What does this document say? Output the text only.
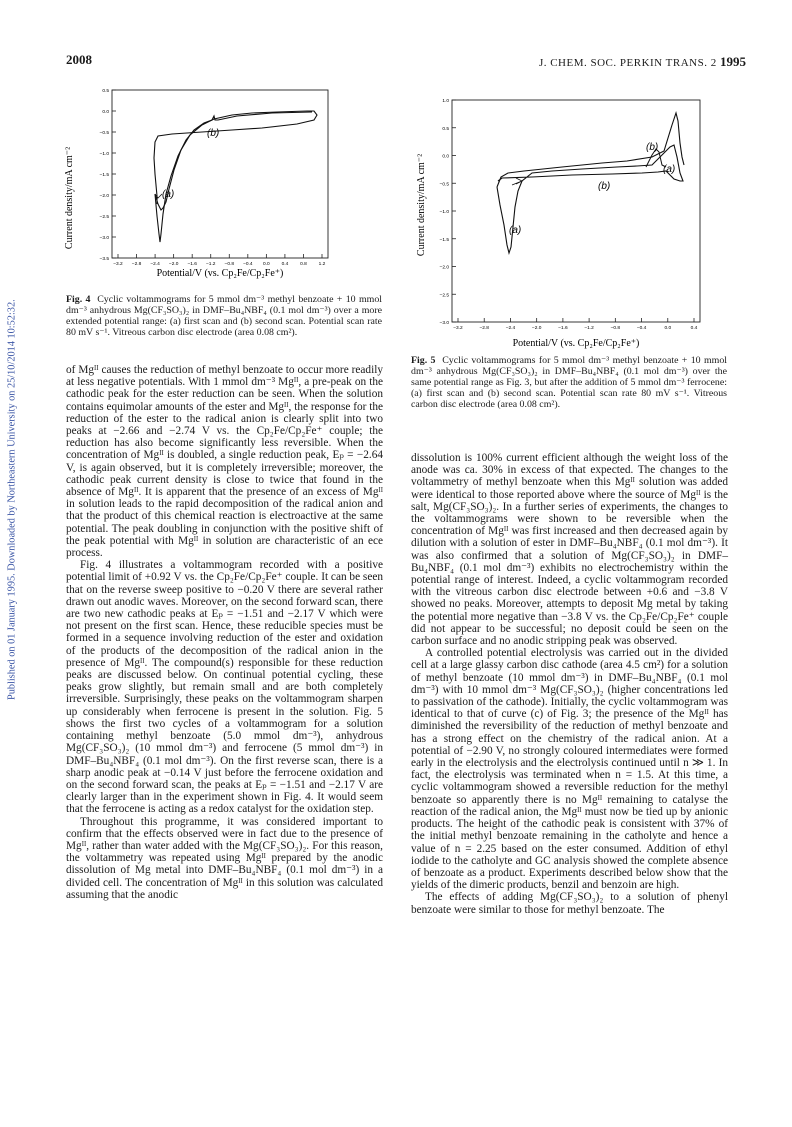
Published on 01 January 1995. Downloaded by Northeastern University on 25/10/2014 10:52:32.
2008	J. CHEM. SOC. PERKIN TRANS. 2 1995
0.5
0.0
−0.5
−1.0
−1.5
−2.0
−2.5
−3.0
−3.5
−3.2 −2.8 −2.4 −2.0 −1.6 −1.2 −0.8 −0.4 0.0 0.4 0.8 1.2
Current density/mA cm⁻²
(b)
(a)
Potential/V (vs. Cp₂Fe/Cp₂Fe⁺)
Fig. 4 Cyclic voltammograms for 5 mmol dm⁻³ methyl benzoate + 10 mmol dm⁻³ anhydrous Mg(CF₃SO₃)₂ in DMF–Bu₄NBF₄ (0.1 mol dm⁻³) over a more extended potential range: (a) first scan and (b) second scan. Potential scan rate 80 mV s⁻¹. Vitreous carbon disc electrode (area 0.08 cm²).
1.0
0.5
0.0
−0.5
−1.0
−1.5
−2.0
−2.5
−3.0
−3.2	−2.8	−2.4	−2.0	−1.6	−1.2	−0.8	−0.4	0.0	0.4
Current density/mA cm⁻²
(b)
(a)
(b)
(a)
Potential/V (vs. Cp₂Fe/Cp₂Fe⁺)
Fig. 5 Cyclic voltammograms for 5 mmol dm⁻³ methyl benzoate + 10 mmol dm⁻³ anhydrous Mg(CF₃SO₃)₂ in DMF–Bu₄NBF₄ (0.1 mol dm⁻³) over the same potential range as Fig. 3, but after the addition of 5 mmol dm⁻³ ferrocene: (a) first scan and (b) second scan. Potential scan rate 80 mV s⁻¹. Vitreous carbon disc electrode (area 0.08 cm²).

of Mgᴵᴵ causes the reduction of methyl benzoate to occur more readily at less negative potentials. With 1 mmol dm⁻³ Mgᴵᴵ, a pre-peak on the cathodic peak for the ester reduction can be seen. When the solution contains equimolar amounts of the ester and Mgᴵᴵ, the response for the reduction of the ester to the radical anion is clearly split into two peaks at −2.66 and −2.74 V vs. the Cp₂Fe/Cp₂Fe⁺ couple; the reduction has also become significantly less reversible. When the concentration of Mgᴵᴵ is doubled, a single reduction peak, Eₚ = −2.64 V, is again observed, but it is completely irreversible; moreover, the cathodic peak current density is close to twice that found in the absence of Mgᴵᴵ. It is apparent that the presence of an excess of Mgᴵᴵ in solution leads to the rapid decomposition of the radical anion and that the product of this chemical reaction is electroactive at the same potential. The peak doubling in conjunction with the positive shift of the peak potential with Mgᴵᴵ in solution are characteristic of an ece process.

Fig. 4 illustrates a voltammogram recorded with a positive potential limit of +0.92 V vs. the Cp₂Fe/Cp₂Fe⁺ couple. It can be seen that on the reverse sweep positive to −0.20 V there are several rather drawn out anodic waves. Moreover, on the second forward scan, there are two new cathodic peaks at Eₚ = −1.51 and −2.17 V which were not present on the first scan. Hence, these reducible species must be formed in a sequence involving reduction of the ester and oxidation of the products of the decomposition of the radical anion in the presence of Mgᴵᴵ. The compound(s) responsible for these reduction peaks are discussed below. On continual potential cycling, these peaks grow slightly, but remain small and are both completely irreversible. Surprisingly, these peaks on the voltammogram sharpen up considerably when ferrocene is present in the solution. Fig. 5 shows the first two cycles of a voltammogram for a solution containing methyl benzoate (5.0 mmol dm⁻³), anhydrous Mg(CF₃SO₃)₂ (10 mmol dm⁻³) and ferrocene (5 mmol dm⁻³) in DMF–Bu₄NBF₄ (0.1 mol dm⁻³). On the first reverse scan, there is a sharp anodic peak at −0.14 V just before the ferrocene oxidation and on the second forward scan, the peaks at Eₚ = −1.51 and −2.17 V are clearly larger than in the experiment shown in Fig. 4. It would seem that the ferrocene is acting as a redox catalyst for the oxidation step.

Throughout this programme, it was considered important to confirm that the effects observed were in fact due to the presence of Mgᴵᴵ, rather than water added with the Mg(CF₃SO₃)₂. For this reason, the voltammetry was repeated using Mgᴵᴵ prepared by the anodic dissolution of Mg metal into DMF–Bu₄NBF₄ (0.1 mol dm⁻³) in a divided cell. The concentration of Mgᴵᴵ in this solution was calculated assuming that the anodic

dissolution is 100% current efficient although the weight loss of the anode was ca. 30% in excess of that expected. The changes to the voltammetry of methyl benzoate when this Mgᴵᴵ solution was added were identical to those reported above where the source of Mgᴵᴵ is the salt, Mg(CF₃SO₃)₂. In a further series of experiments, the changes to the voltammograms were shown to be reversible when the concentration of Mgᴵᴵ was first increased and then decreased again by dilution with a solution of ester in DMF–Bu₄NBF₄ (0.1 mol dm⁻³). It was also confirmed that a solution of Mg(CF₃SO₃)₂ in DMF–Bu₄NBF₄ (0.1 mol dm⁻³) exhibits no electrochemistry within the potential range of interest. Indeed, a cyclic voltammogram recorded with the vitreous carbon disc electrode between +0.6 and −3.8 V showed no peaks. Moreover, attempts to deposit Mg metal by taking the potential more negative than −3.8 V vs. the Cp₂Fe/Cp₂Fe⁺ couple did not appear to be successful; no deposit could be seen on the carbon surface and no anodic stripping peak was observed.

A controlled potential electrolysis was carried out in the divided cell at a large glassy carbon disc cathode (area 4.5 cm²) for a solution of methyl benzoate (10 mmol dm⁻³) in DMF–Bu₄NBF₄ (0.1 mol dm⁻³) with 10 mmol dm⁻³ Mg(CF₃SO₃)₂ (higher concentrations led to passivation of the cathode). Initially, the cyclic voltammogram was identical to that of curve (c) of Fig. 3; the presence of the Mgᴵᴵ has diminished the reversibility of the reduction of methyl benzoate and has a strong effect on the chemistry of the radical anion. At a potential of −2.90 V, no strongly coloured intermediates were formed early in the electrolysis and the electrolysis continued until n ≫ 1. In fact, the electrolysis was terminated when n = 1.5. At this time, a cyclic voltammogram showed a reversible reduction for the methyl benzoate so apparently there is no Mgᴵᴵ remaining to catalyse the reaction of the radical anion, the Mgᴵᴵ must now be tied up by anionic products. The height of the cathodic peak is consistent with 37% of the initial methyl benzoate remaining in the catholyte and hence a value of n = 2.25 based on the ester consumed. Addition of ethyl iodide to the catholyte and GC analysis showed the complete absence of benzoate as a product. Experiments described below show that the yields of the dimeric products, benzil and benzoin are high.

The effects of adding Mg(CF₃SO₃)₂ to a solution of phenyl benzoate were similar to those for methyl benzoate. The
